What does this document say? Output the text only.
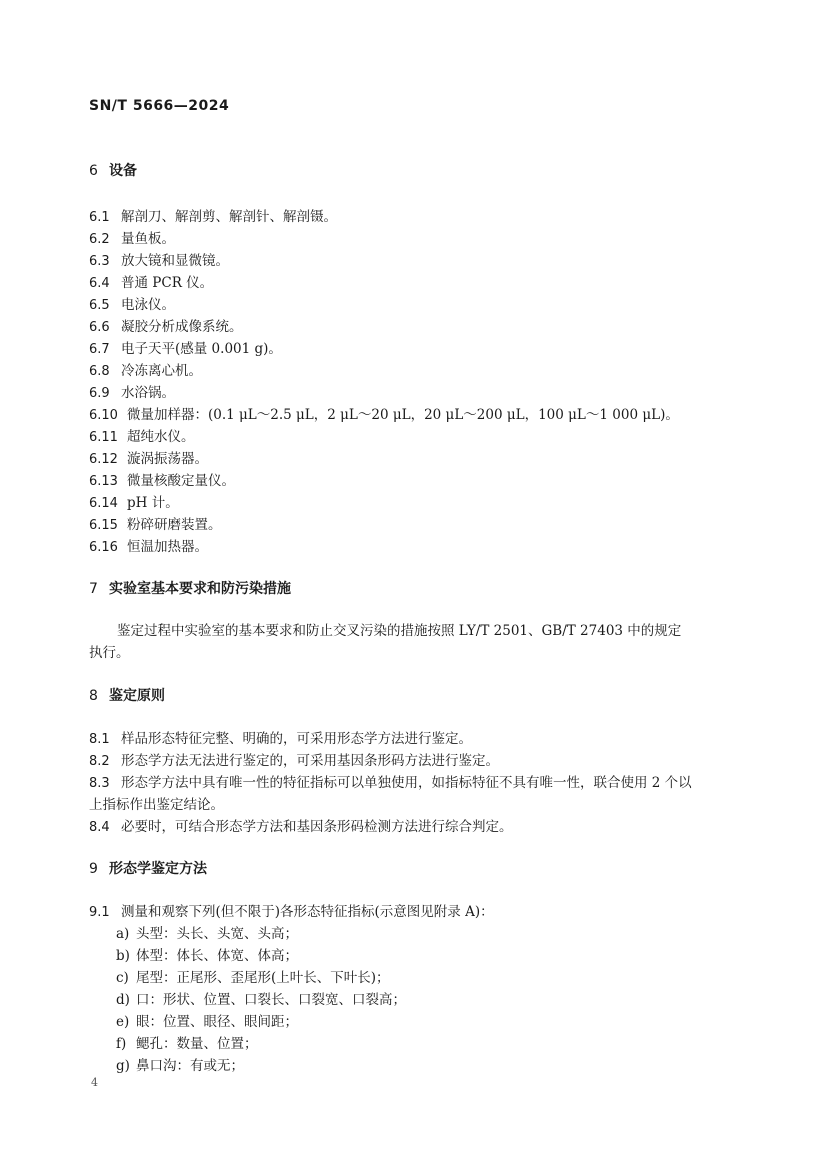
SN/T 5666—2024
6 设备
6.1 解剖刀、解剖剪、解剖针、解剖镊。
6.2 量鱼板。
6.3 放大镜和显微镜。
6.4 普通 PCR 仪。
6.5 电泳仪。
6.6 凝胶分析成像系统。
6.7 电子天平(感量 0.001 g)。
6.8 冷冻离心机。
6.9 水浴锅。
6.10 微量加样器：(0.1 μL～2.5 μL，2 μL～20 μL，20 μL～200 μL，100 μL～1 000 μL)。
6.11 超纯水仪。
6.12 漩涡振荡器。
6.13 微量核酸定量仪。
6.14 pH 计。
6.15 粉碎研磨装置。
6.16 恒温加热器。
7 实验室基本要求和防污染措施
鉴定过程中实验室的基本要求和防止交叉污染的措施按照 LY/T 2501、GB/T 27403 中的规定
执行。
8 鉴定原则
8.1 样品形态特征完整、明确的，可采用形态学方法进行鉴定。
8.2 形态学方法无法进行鉴定的，可采用基因条形码方法进行鉴定。
8.3 形态学方法中具有唯一性的特征指标可以单独使用，如指标特征不具有唯一性，联合使用 2 个以
上指标作出鉴定结论。
8.4 必要时，可结合形态学方法和基因条形码检测方法进行综合判定。
9 形态学鉴定方法
9.1 测量和观察下列(但不限于)各形态特征指标(示意图见附录 A)：
a) 头型：头长、头宽、头高；
b) 体型：体长、体宽、体高；
c) 尾型：正尾形、歪尾形(上叶长、下叶长)；
d) 口：形状、位置、口裂长、口裂宽、口裂高；
e) 眼：位置、眼径、眼间距；
f) 鳃孔：数量、位置；
g) 鼻口沟：有或无；
4
